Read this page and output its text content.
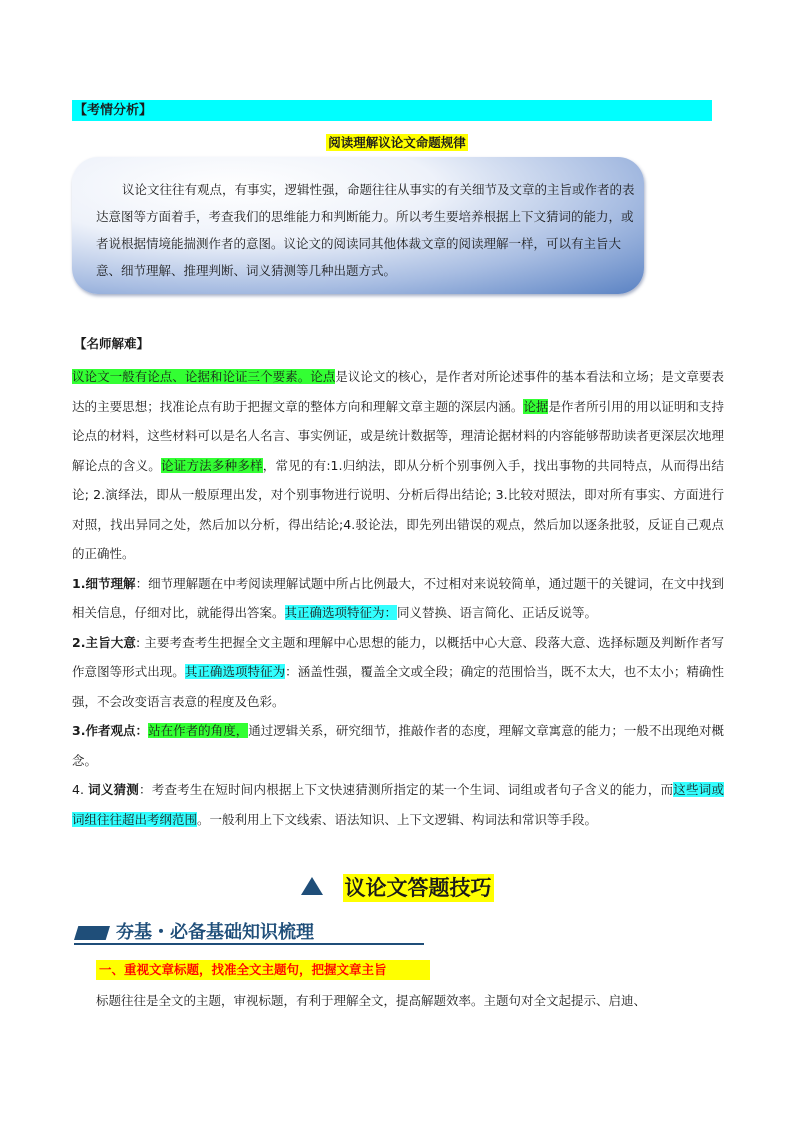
【考情分析】
阅读理解议论文命题规律

议论文往往有观点，有事实，逻辑性强，命题往往从事实的有关细节及文章的主旨或作者的表达意图等方面着手，考查我们的思维能力和判断能力。所以考生要培养根据上下文猜词的能力，或者说根据情境能揣测作者的意图。议论文的阅读同其他体裁文章的阅读理解一样，可以有主旨大意、细节理解、推理判断、词义猜测等几种出题方式。

【名师解难】

议论文一般有论点、论据和论证三个要素。论点是议论文的核心，是作者对所论述事件的基本看法和立场；是文章要表达的主要思想；找准论点有助于把握文章的整体方向和理解文章主题的深层内涵。论据是作者所引用的用以证明和支持论点的材料，这些材料可以是名人名言、事实例证，或是统计数据等，理清论据材料的内容能够帮助读者更深层次地理解论点的含义。论证方法多种多样，常见的有:1.归纳法，即从分析个别事例入手，找出事物的共同特点，从而得出结论; 2.演绎法，即从一般原理出发，对个别事物进行说明、分析后得出结论; 3.比较对照法，即对所有事实、方面进行对照，找出异同之处，然后加以分析，得出结论;4.驳论法，即先列出错误的观点，然后加以逐条批驳，反证自己观点的正确性。

1.细节理解：细节理解题在中考阅读理解试题中所占比例最大，不过相对来说较简单，通过题干的关键词，在文中找到相关信息，仔细对比，就能得出答案。其正确选项特征为：同义替换、语言简化、正话反说等。

2.主旨大意: 主要考查考生把握全文主题和理解中心思想的能力，以概括中心大意、段落大意、选择标题及判断作者写作意图等形式出现。其正确选项特征为：涵盖性强，覆盖全文或全段；确定的范围恰当，既不太大，也不太小；精确性强，不会改变语言表意的程度及色彩。

3.作者观点：站在作者的角度，通过逻辑关系，研究细节，推敲作者的态度，理解文章寓意的能力；一般不出现绝对概念。

4. 词义猜测：考查考生在短时间内根据上下文快速猜测所指定的某一个生词、词组或者句子含义的能力，而这些词或词组往往超出考纲范围。一般利用上下文线索、语法知识、上下文逻辑、构词法和常识等手段。

议论文答题技巧
夯基・必备基础知识梳理
一、重视文章标题，找准全文主题句，把握文章主旨
标题往往是全文的主题，审视标题，有利于理解全文，提高解题效率。主题句对全文起提示、启迪、
